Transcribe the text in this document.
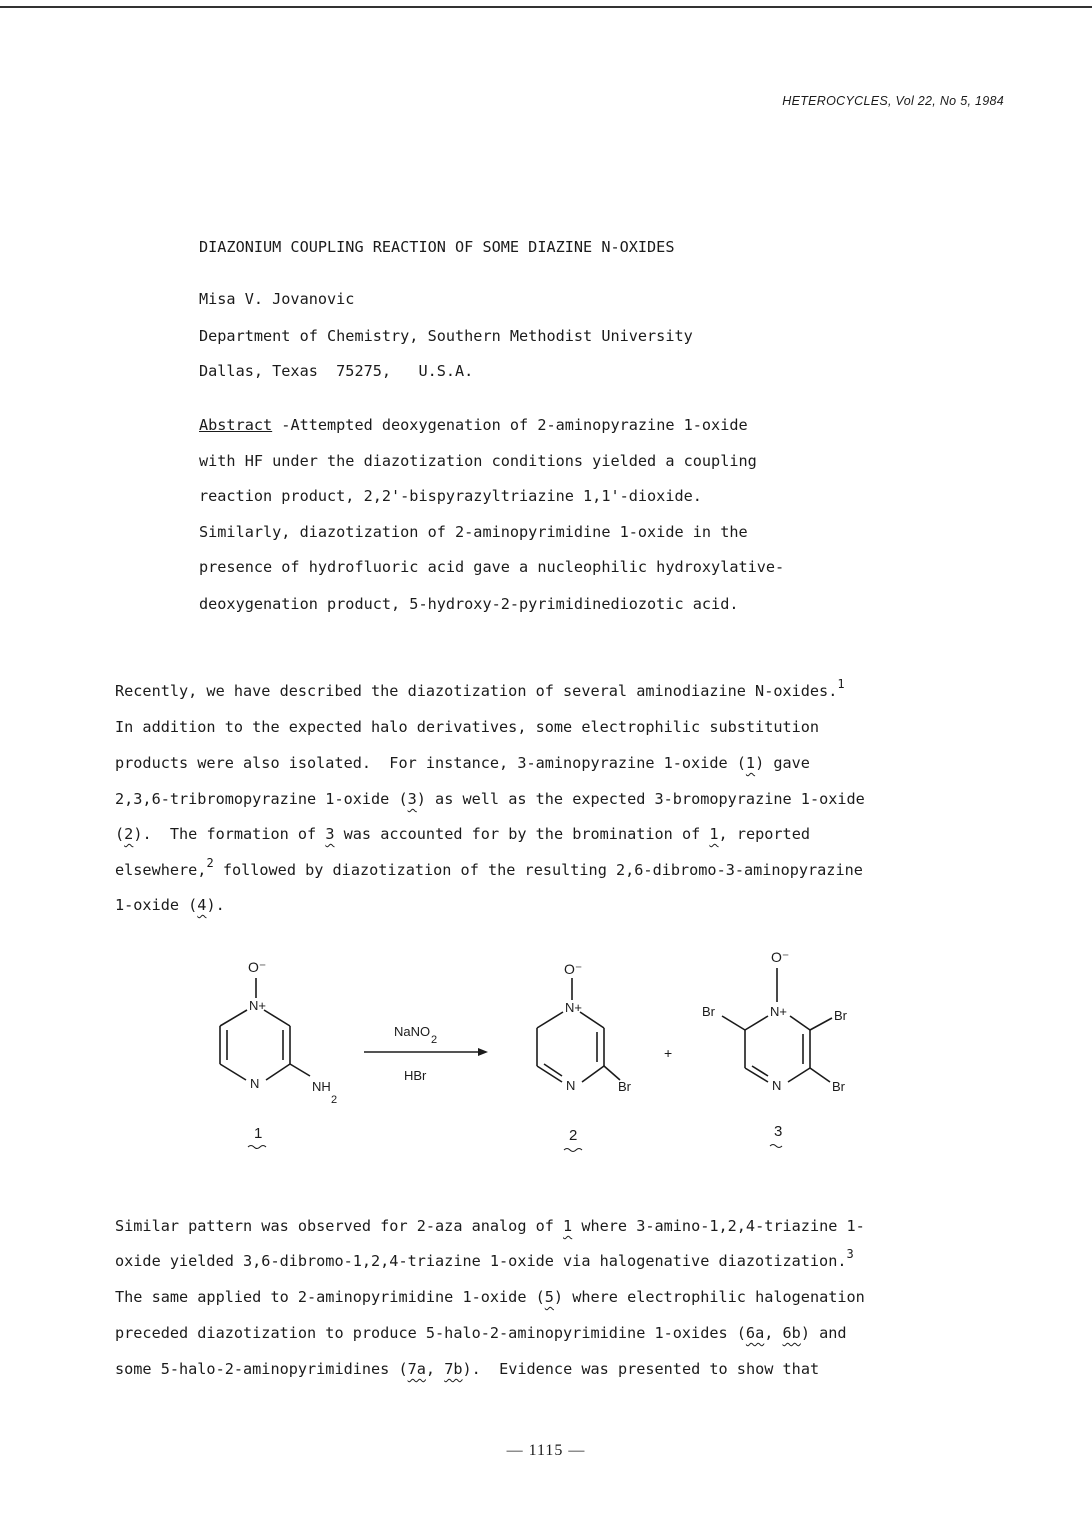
HETEROCYCLES, Vol 22, No 5, 1984
DIAZONIUM COUPLING REACTION OF SOME DIAZINE N-OXIDES
Misa V. Jovanovic
Department of Chemistry, Southern Methodist University
Dallas, Texas  75275,   U.S.A.
Abstract -Attempted deoxygenation of 2-aminopyrazine 1-oxide
with HF under the diazotization conditions yielded a coupling
reaction product, 2,2'-bispyrazyltriazine 1,1'-dioxide.
Similarly, diazotization of 2-aminopyrimidine 1-oxide in the
presence of hydrofluoric acid gave a nucleophilic hydroxylative-
deoxygenation product, 5-hydroxy-2-pyrimidinediozotic acid.
Recently, we have described the diazotization of several aminodiazine N-oxides.$^1$
In addition to the expected halo derivatives, some electrophilic substitution
products were also isolated.  For instance, 3-aminopyrazine 1-oxide (1) gave
2,3,6-tribromopyrazine 1-oxide (3) as well as the expected 3-bromopyrazine 1-oxide
(2).  The formation of 3 was accounted for by the bromination of 1, reported
elsewhere,$^2$ followed by diazotization of the resulting 2,6-dibromo-3-aminopyrazine
1-oxide (4).
O⁻
N+
N	NH
2
1
NaNO
2
HBr
O⁻
N+
N	Br
2
+
O⁻
N+
N
Br	Br
Br
3
Similar pattern was observed for 2-aza analog of 1 where 3-amino-1,2,4-triazine 1-
oxide yielded 3,6-dibromo-1,2,4-triazine 1-oxide via halogenative diazotization.$^3$
The same applied to 2-aminopyrimidine 1-oxide (5) where electrophilic halogenation
preceded diazotization to produce 5-halo-2-aminopyrimidine 1-oxides (6a, 6b) and
some 5-halo-2-aminopyrimidines (7a, 7b).  Evidence was presented to show that
— 1115 —
